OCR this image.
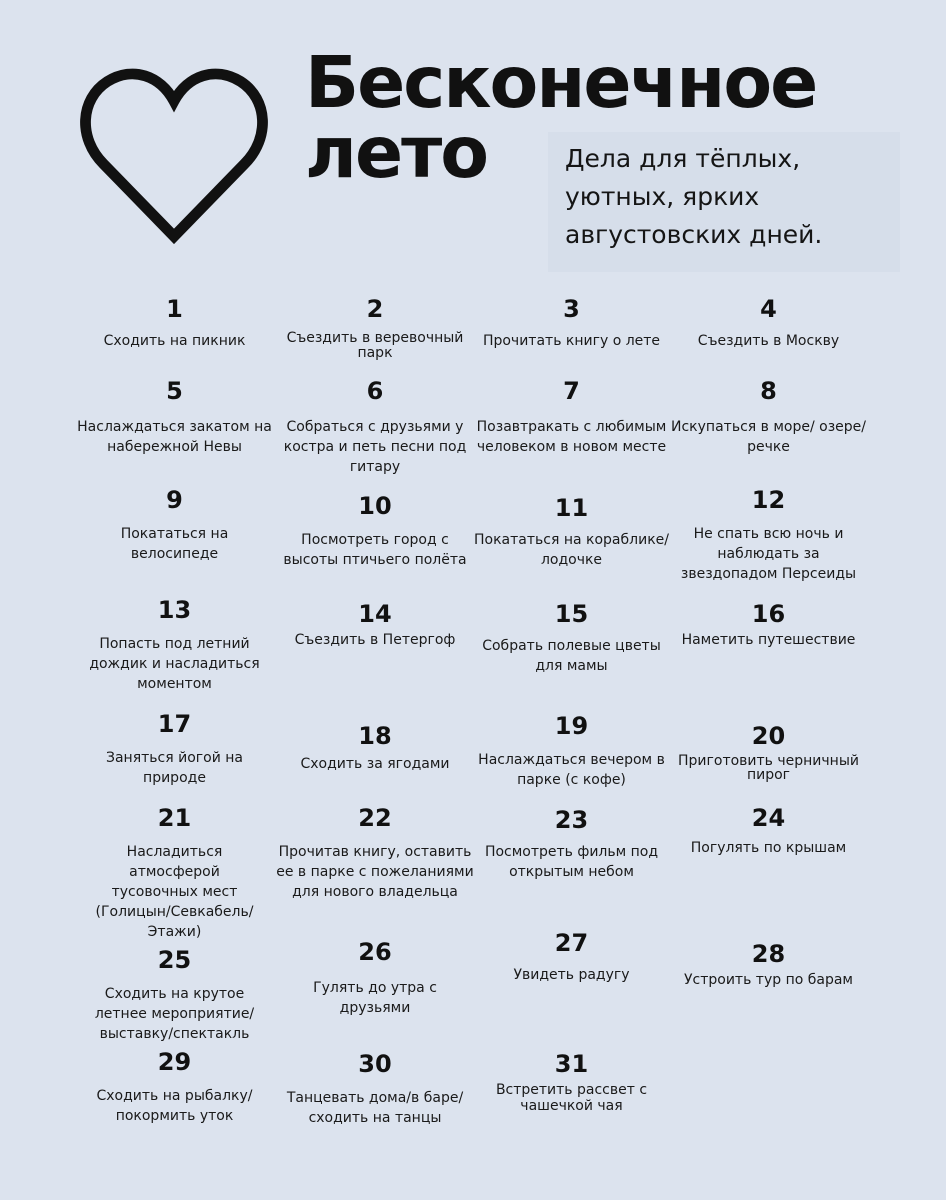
Бесконечное
лето	Дела для тёплых,
уютных, ярких
августовских дней.

1
Сходить на пикник
2
Съездить в веревочный парк
3
Прочитать книгу о лете
4
Съездить в Москву
5
Наслаждаться закатом на набережной Невы
6
Собраться с друзьями у костра и петь песни под гитару
7
Позавтракать с любимым человеком в новом месте
8
Искупаться в море/ озере/речке
9
Покататься на велосипеде
10
Посмотреть город с высоты птичьего полёта
11
Покататься на кораблике/лодочке
12
Не спать всю ночь и наблюдать за звездопадом Персеиды
13
Попасть под летний дождик и насладиться моментом
14
Съездить в Петергоф
15
Собрать полевые цветы для мамы
16
Наметить путешествие
17
Заняться йогой на природе
18
Сходить за ягодами
19
Наслаждаться вечером в парке (с кофе)
20
Приготовить черничный пирог
21
Насладиться атмосферой тусовочных мест (Голицын/Севкабель/ Этажи)
22
Прочитав книгу, оставить ее в парке с пожеланиями для нового владельца
23
Посмотреть фильм под открытым небом
24
Погулять по крышам
25
Сходить на крутое летнее мероприятие/ выставку/спектакль
26
Гулять до утра с друзьями
27
Увидеть радугу
28
Устроить тур по барам
29
Сходить на рыбалку/ покормить уток
30
Танцевать дома/в баре/ сходить на танцы
31
Встретить рассвет с чашечкой чая
